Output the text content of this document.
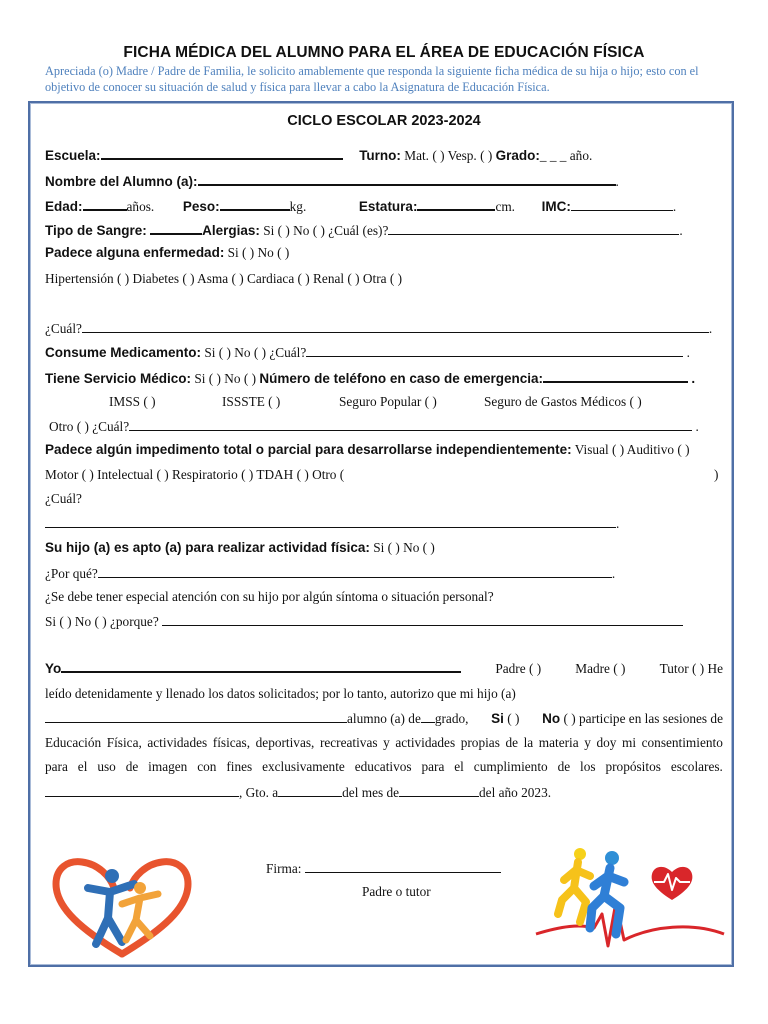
FICHA MÉDICA DEL ALUMNO PARA EL ÁREA DE EDUCACIÓN FÍSICA
Apreciada (o) Madre / Padre de Familia, le solicito amablemente que responda la siguiente ficha médica de su hija o hijo; esto con el objetivo de conocer su situación de salud y física para llevar a cabo la Asignatura de Educación Física.
CICLO ESCOLAR 2023-2024
Escuela:	Turno: Mat. ( ) Vesp. ( ) Grado:_ _ _ año.
Nombre del Alumno (a):	.
Edad:	años. Peso:	kg.	Estatura:	cm. IMC:	.
Tipo de Sangre:	Alergias: Si ( ) No ( ) ¿Cuál (es)?	.
Padece alguna enfermedad: Si ( ) No ( )
Hipertensión ( ) Diabetes ( ) Asma ( ) Cardiaca ( ) Renal ( ) Otra ( )
¿Cuál?	.
Consume Medicamento: Si ( ) No ( ) ¿Cuál?	.
Tiene Servicio Médico: Si ( ) No ( ) Número de teléfono en caso de emergencia:	.
IMSS ( )	ISSSTE ( )	Seguro Popular ( )	Seguro de Gastos Médicos ( )
Otro ( ) ¿Cuál?	.
Padece algún impedimento total o parcial para desarrollarse independientemente: Visual ( ) Auditivo ( )
Motor ( ) Intelectual ( ) Respiratorio ( ) TDAH ( ) Otro (	)
¿Cuál?
.
Su hijo (a) es apto (a) para realizar actividad física: Si ( ) No ( )
¿Por qué?	.
¿Se debe tener especial atención con su hijo por algún síntoma o situación personal?
Si ( ) No ( ) ¿porque?
Yo	Padre ( )	Madre ( )	Tutor ( ) He
leído detenidamente y llenado los datos solicitados; por lo tanto, autorizo que mi hijo (a)
alumno (a) de grado, Si ( ) No ( ) participe en las sesiones de
Educación Física, actividades físicas, deportivas, recreativas y actividades propias de la materia y doy mi consentimiento
para el uso de imagen con fines exclusivamente educativos para el cumplimiento de los propósitos escolares.
, Gto. a	del mes de	del año 2023.
Firma:
Padre o tutor
